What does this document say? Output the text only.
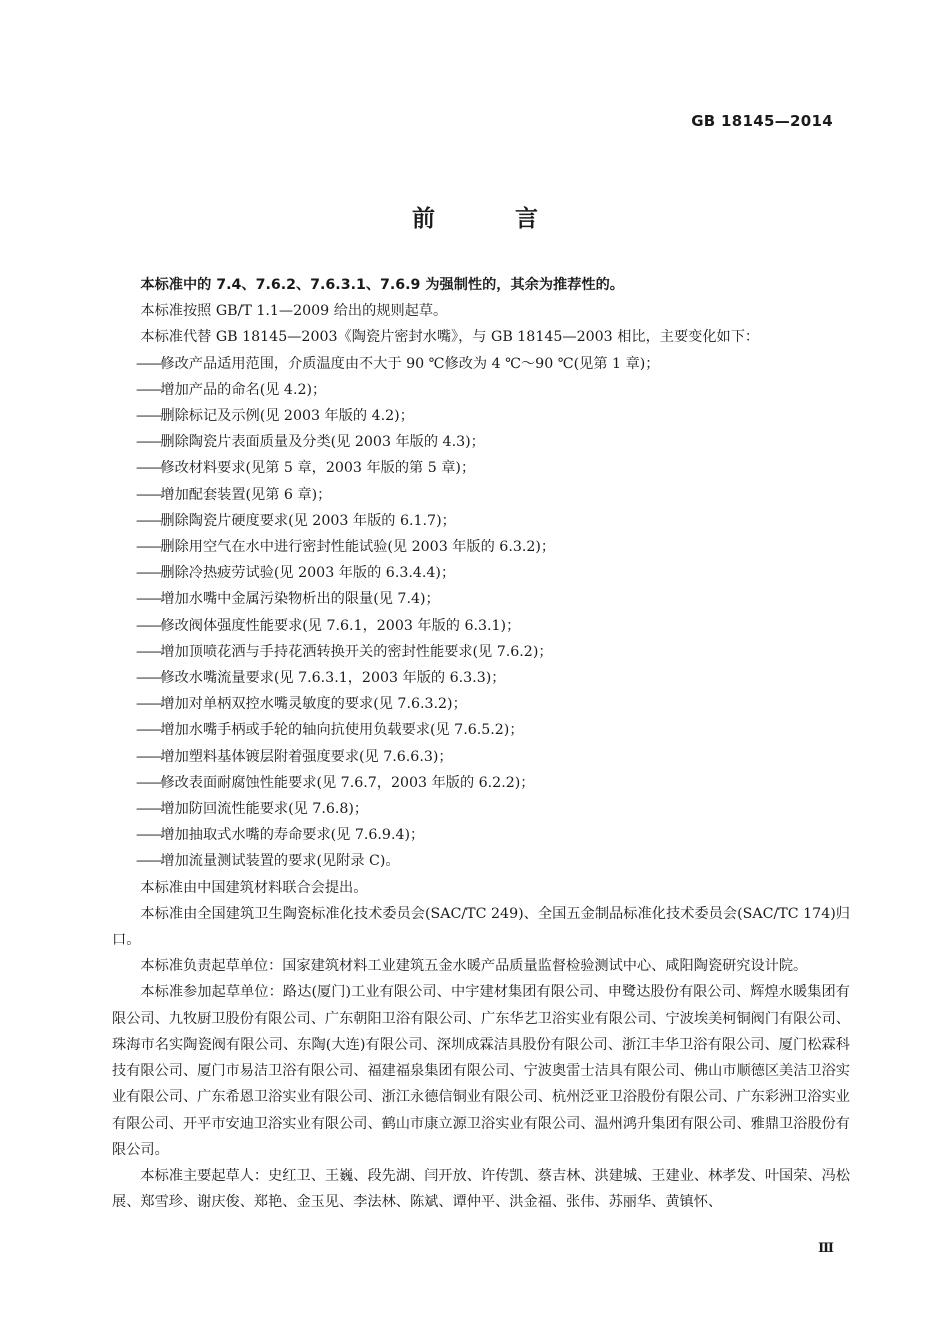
GB 18145—2014
前 言

本标准中的 7.4、7.6.2、7.6.3.1、7.6.9 为强制性的，其余为推荐性的。

本标准按照 GB/T 1.1—2009 给出的规则起草。

本标准代替 GB 18145—2003《陶瓷片密封水嘴》，与 GB 18145—2003 相比，主要变化如下：

——修改产品适用范围，介质温度由不大于 90 ℃修改为 4 ℃～90 ℃(见第 1 章)；
——增加产品的命名(见 4.2)；
——删除标记及示例(见 2003 年版的 4.2)；
——删除陶瓷片表面质量及分类(见 2003 年版的 4.3)；
——修改材料要求(见第 5 章，2003 年版的第 5 章)；
——增加配套装置(见第 6 章)；
——删除陶瓷片硬度要求(见 2003 年版的 6.1.7)；
——删除用空气在水中进行密封性能试验(见 2003 年版的 6.3.2)；
——删除冷热疲劳试验(见 2003 年版的 6.3.4.4)；
——增加水嘴中金属污染物析出的限量(见 7.4)；
——修改阀体强度性能要求(见 7.6.1，2003 年版的 6.3.1)；
——增加顶喷花洒与手持花洒转换开关的密封性能要求(见 7.6.2)；
——修改水嘴流量要求(见 7.6.3.1，2003 年版的 6.3.3)；
——增加对单柄双控水嘴灵敏度的要求(见 7.6.3.2)；
——增加水嘴手柄或手轮的轴向抗使用负载要求(见 7.6.5.2)；
——增加塑料基体镀层附着强度要求(见 7.6.6.3)；
——修改表面耐腐蚀性能要求(见 7.6.7，2003 年版的 6.2.2)；
——增加防回流性能要求(见 7.6.8)；
——增加抽取式水嘴的寿命要求(见 7.6.9.4)；
——增加流量测试装置的要求(见附录 C)。

本标准由中国建筑材料联合会提出。

本标准由全国建筑卫生陶瓷标准化技术委员会(SAC/TC 249)、全国五金制品标准化技术委员会(SAC/TC 174)归口。

本标准负责起草单位：国家建筑材料工业建筑五金水暖产品质量监督检验测试中心、咸阳陶瓷研究设计院。

本标准参加起草单位：路达(厦门)工业有限公司、中宇建材集团有限公司、申鹭达股份有限公司、辉煌水暖集团有限公司、九牧厨卫股份有限公司、广东朝阳卫浴有限公司、广东华艺卫浴实业有限公司、宁波埃美柯铜阀门有限公司、珠海市名实陶瓷阀有限公司、东陶(大连)有限公司、深圳成霖洁具股份有限公司、浙江丰华卫浴有限公司、厦门松霖科技有限公司、厦门市易洁卫浴有限公司、福建福泉集团有限公司、宁波奥雷士洁具有限公司、佛山市顺德区美洁卫浴实业有限公司、广东希恩卫浴实业有限公司、浙江永德信铜业有限公司、杭州泛亚卫浴股份有限公司、广东彩洲卫浴实业有限公司、开平市安迪卫浴实业有限公司、鹤山市康立源卫浴实业有限公司、温州鸿升集团有限公司、雅鼎卫浴股份有限公司。

本标准主要起草人：史红卫、王巍、段先湖、闫开放、许传凯、蔡吉林、洪建城、王建业、林孝发、叶国荣、冯松展、郑雪珍、谢庆俊、郑艳、金玉见、李法林、陈斌、谭仲平、洪金福、张伟、苏丽华、黄镇怀、

Ⅲ
